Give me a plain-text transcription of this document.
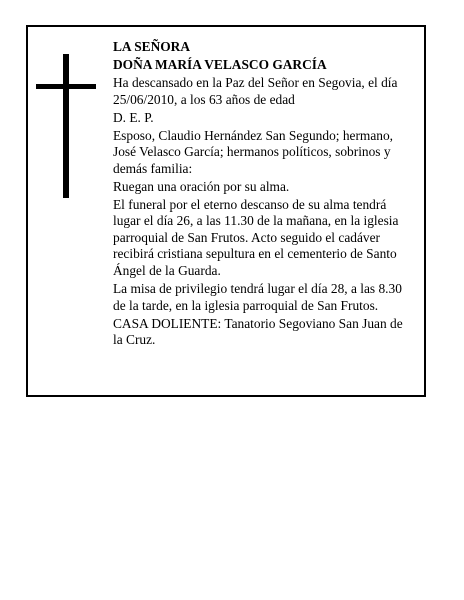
LA SEÑORA

DOÑA MARÍA VELASCO GARCÍA

Ha descansado en la Paz del Señor en Segovia, el día 25/06/2010, a los 63 años de edad

D. E. P.

Esposo, Claudio Hernández San Segundo; hermano, José Velasco García; hermanos políticos, sobrinos y demás familia:

Ruegan una oración por su alma.

El funeral por el eterno descanso de su alma tendrá lugar el día 26, a las 11.30 de la mañana, en la iglesia parroquial de San Frutos. Acto seguido el cadáver recibirá cristiana sepultura en el cementerio de Santo Ángel de la Guarda.

La misa de privilegio tendrá lugar el día 28, a las 8.30 de la tarde, en la iglesia parroquial de San Frutos.

CASA DOLIENTE: Tanatorio Segoviano San Juan de la Cruz.
